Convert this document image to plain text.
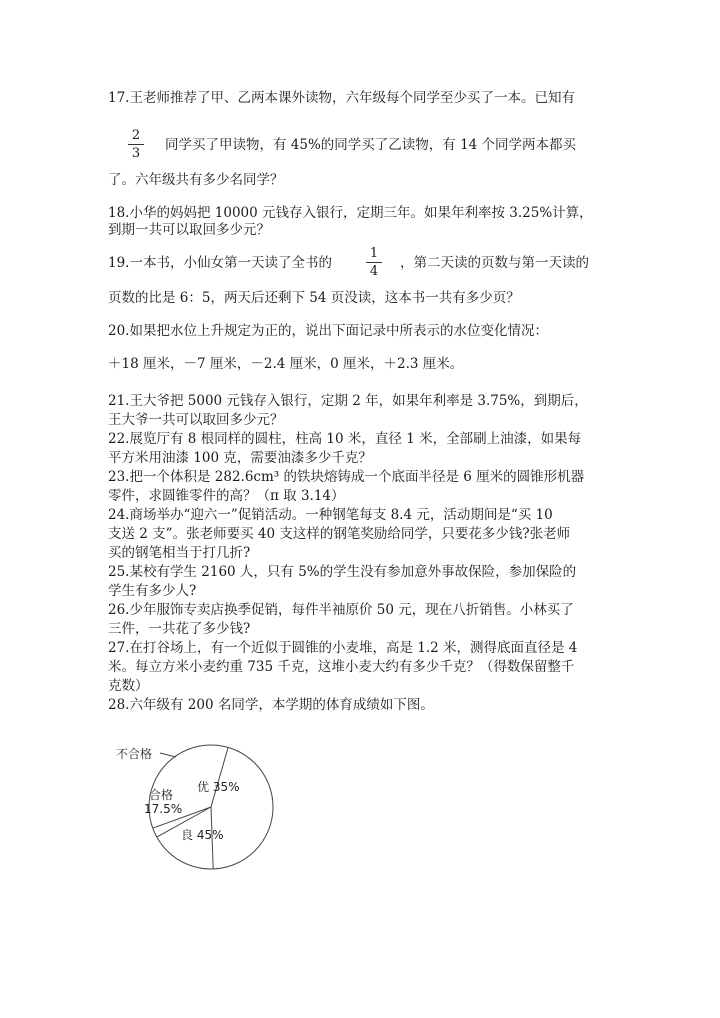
17.王老师推荐了甲、乙两本课外读物，六年级每个同学至少买了一本。已知有
2
3
同学买了甲读物，有 45%的同学买了乙读物，有 14 个同学两本都买
了。六年级共有多少名同学？
18.小华的妈妈把 10000 元钱存入银行，定期三年。如果年利率按 3.25%计算，
到期一共可以取回多少元？
19.一本书，小仙女第一天读了全书的
1
4
，第二天读的页数与第一天读的
页数的比是 6：5，两天后还剩下 54 页没读，这本书一共有多少页？
20.如果把水位上升规定为正的，说出下面记录中所表示的水位变化情况：
＋18 厘米，－7 厘米，－2.4 厘米，0 厘米，＋2.3 厘米。
21.王大爷把 5000 元钱存入银行，定期 2 年，如果年利率是 3.75%，到期后，
王大爷一共可以取回多少元？
22.展览厅有 8 根同样的圆柱，柱高 10 米，直径 1 米，全部刷上油漆，如果每
平方米用油漆 100 克，需要油漆多少千克？
23.把一个体积是 282.6cm³ 的铁块熔铸成一个底面半径是 6 厘米的圆锥形机器
零件，求圆锥零件的高？（π 取 3.14）
24.商场举办“迎六一”促销活动。一种钢笔每支 8.4 元，活动期间是“买 10
支送 2 支”。张老师要买 40 支这样的钢笔奖励给同学，只要花多少钱?张老师
买的钢笔相当于打几折?
25.某校有学生 2160 人，只有 5%的学生没有参加意外事故保险，参加保险的
学生有多少人?
26.少年服饰专卖店换季促销，每件半袖原价 50 元，现在八折销售。小林买了
三件，一共花了多少钱?
27.在打谷场上，有一个近似于圆锥的小麦堆，高是 1.2 米，测得底面直径是 4
米。每立方米小麦约重 735 千克，这堆小麦大约有多少千克？（得数保留整千
克数）
28.六年级有 200 名同学，本学期的体育成绩如下图。
不合格
优 35%
合格
17.5%
良 45%
